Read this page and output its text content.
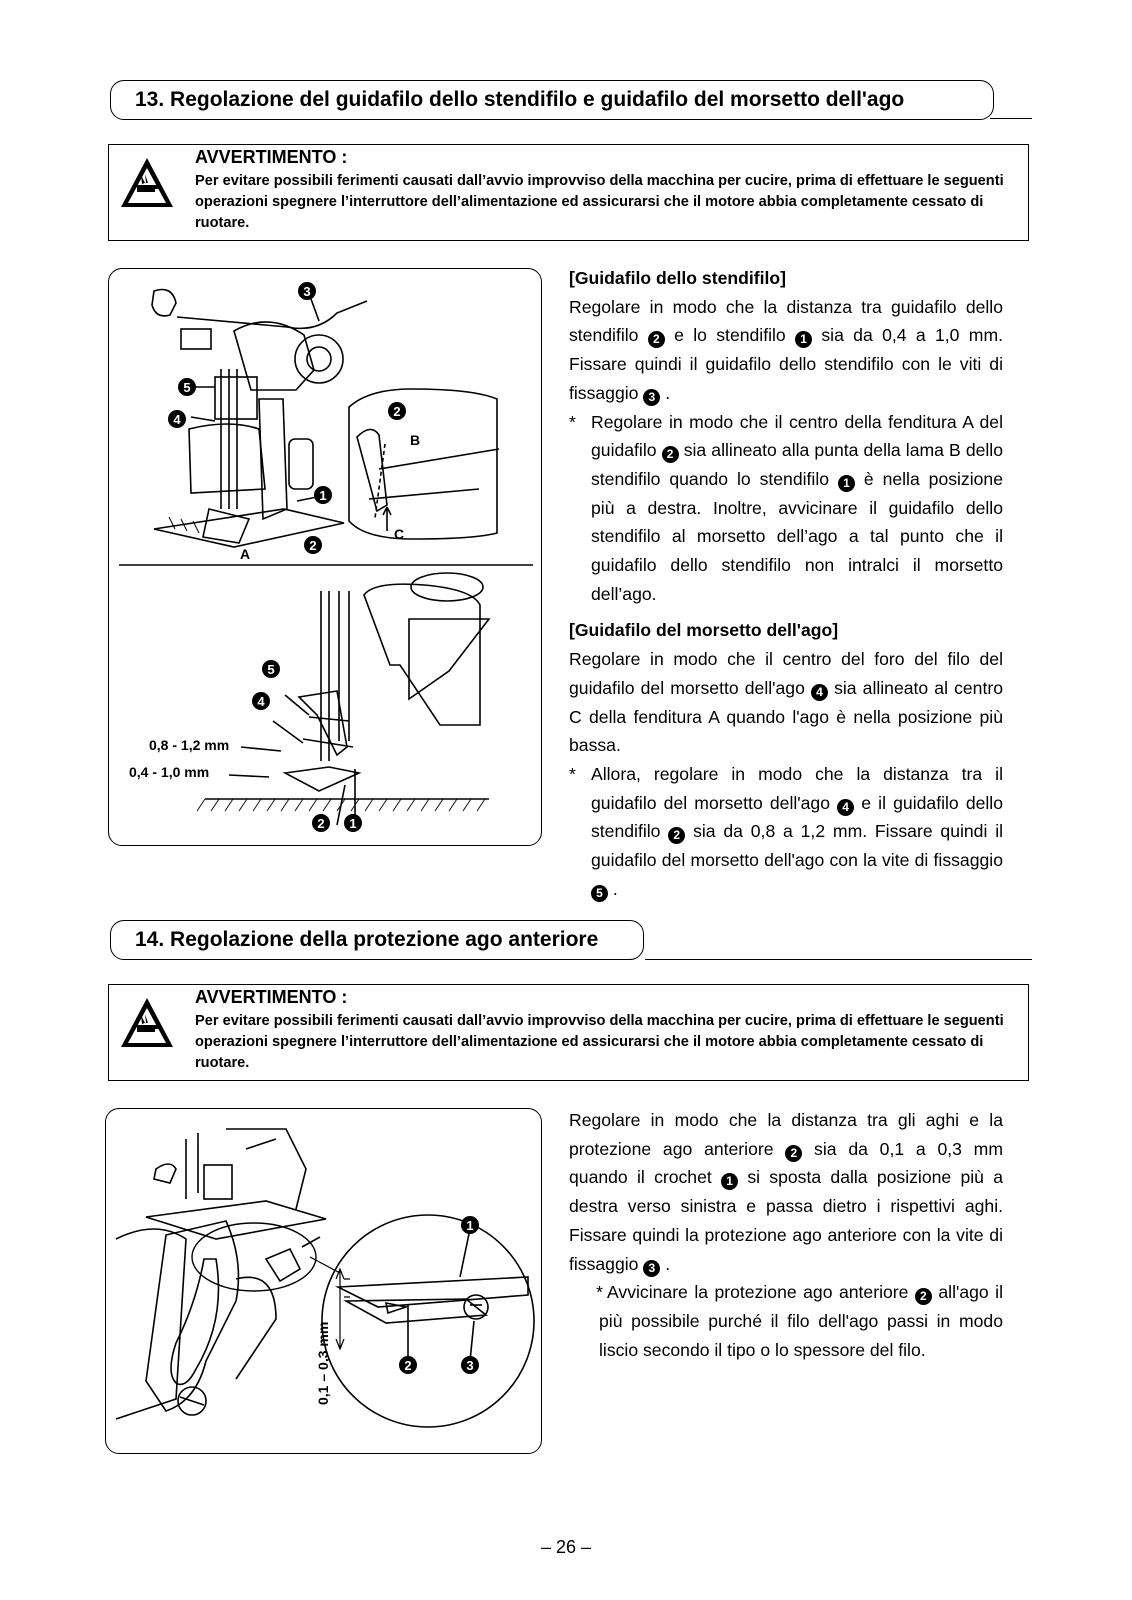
13. Regolazione del guidafilo dello stendifilo e guidafilo del morsetto dell'ago
AVVERTIMENTO :
Per evitare possibili ferimenti causati dall’avvio improvviso della macchina per cucire, prima di effettuare le seguenti operazioni spegnere l’interruttore dell’alimentazione ed assicurarsi che il motore abbia completamente cessato di ruotare.
3
5
4
2
1
2
5
4
2 1
A
B
C
0,8 - 1,2 mm
0,4 - 1,0 mm

[Guidafilo dello stendifilo]

Regolare in modo che la distanza tra guidafilo dello stendifilo 2 e lo stendifilo 1 sia da 0,4 a 1,0 mm. Fissare quindi il guidafilo dello stendifilo con le viti di fissaggio 3 .

* Regolare in modo che il centro della fenditura A del guidafilo 2 sia allineato alla punta della lama B dello stendifilo quando lo stendifilo 1 è nella posizione più a destra. Inoltre, avvicinare il guidafilo dello stendifilo al morsetto dell’ago a tal punto che il guidafilo dello stendifilo non intralci il morsetto dell’ago.

[Guidafilo del morsetto dell'ago]

Regolare in modo che il centro del foro del filo del guidafilo del morsetto dell'ago 4 sia allineato al centro C della fenditura A quando l'ago è nella posizione più bassa.

* Allora, regolare in modo che la distanza tra il guidafilo del morsetto dell'ago 4 e il guidafilo dello stendifilo 2 sia da 0,8 a 1,2 mm. Fissare quindi il guidafilo del morsetto dell'ago con la vite di fissaggio 5 .

14. Regolazione della protezione ago anteriore
AVVERTIMENTO :
Per evitare possibili ferimenti causati dall’avvio improvviso della macchina per cucire, prima di effettuare le seguenti operazioni spegnere l’interruttore dell’alimentazione ed assicurarsi che il motore abbia completamente cessato di ruotare.
1
2	3
0,1 – 0,3 mm

Regolare in modo che la distanza tra gli aghi e la protezione ago anteriore 2 sia da 0,1 a 0,3 mm quando il crochet 1 si sposta dalla posizione più a destra verso sinistra e passa dietro i rispettivi aghi. Fissare quindi la protezione ago anteriore con la vite di fissaggio 3 .

* Avvicinare la protezione ago anteriore 2 all'ago il più possibile purché il filo dell'ago passi in modo liscio secondo il tipo o lo spessore del filo.

– 26 –
